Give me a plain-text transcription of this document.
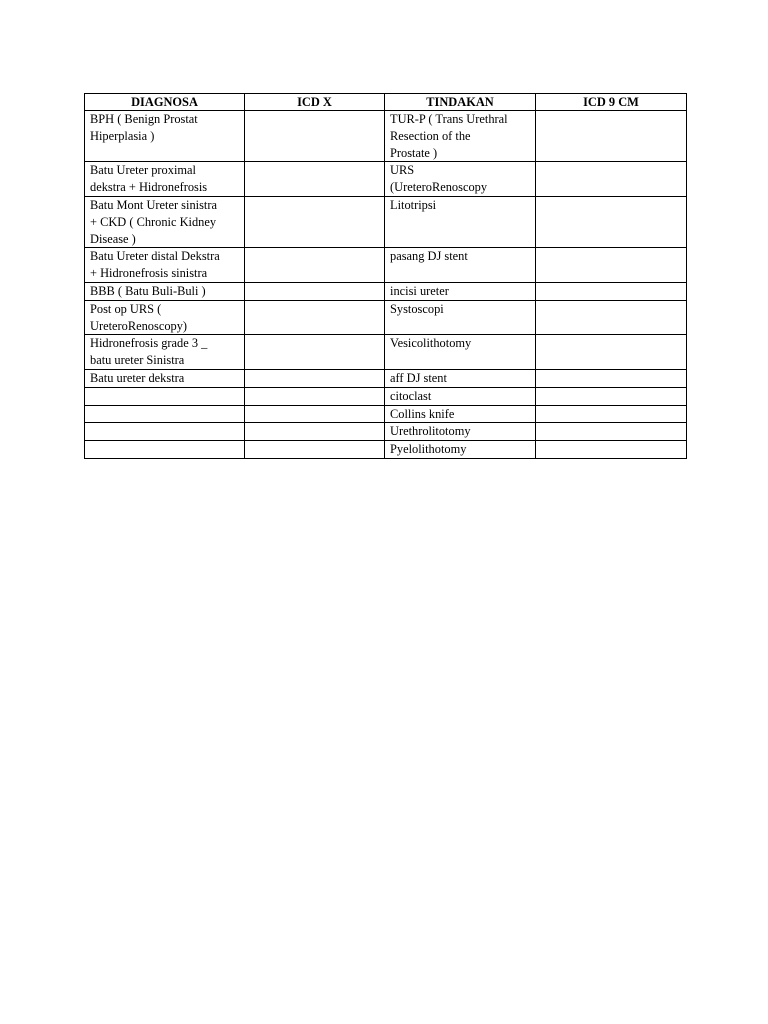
DIAGNOSA	ICD X	TINDAKAN	ICD 9 CM
BPH ( Benign Prostat
Hiperplasia )		TUR-P ( Trans Urethral
Resection of the
Prostate )	
Batu Ureter proximal
dekstra + Hidronefrosis		URS
(UreteroRenoscopy	
Batu Mont Ureter sinistra
+ CKD ( Chronic Kidney
Disease )		Litotripsi	
Batu Ureter distal Dekstra
+ Hidronefrosis sinistra		pasang DJ stent	
BBB ( Batu Buli-Buli )		incisi ureter	
Post op URS (
UreteroRenoscopy)		Systoscopi	
Hidronefrosis grade 3 _
batu ureter Sinistra		Vesicolithotomy	
Batu ureter dekstra		aff DJ stent	
		citoclast	
		Collins knife	
		Urethrolitotomy	
		Pyelolithotomy	
